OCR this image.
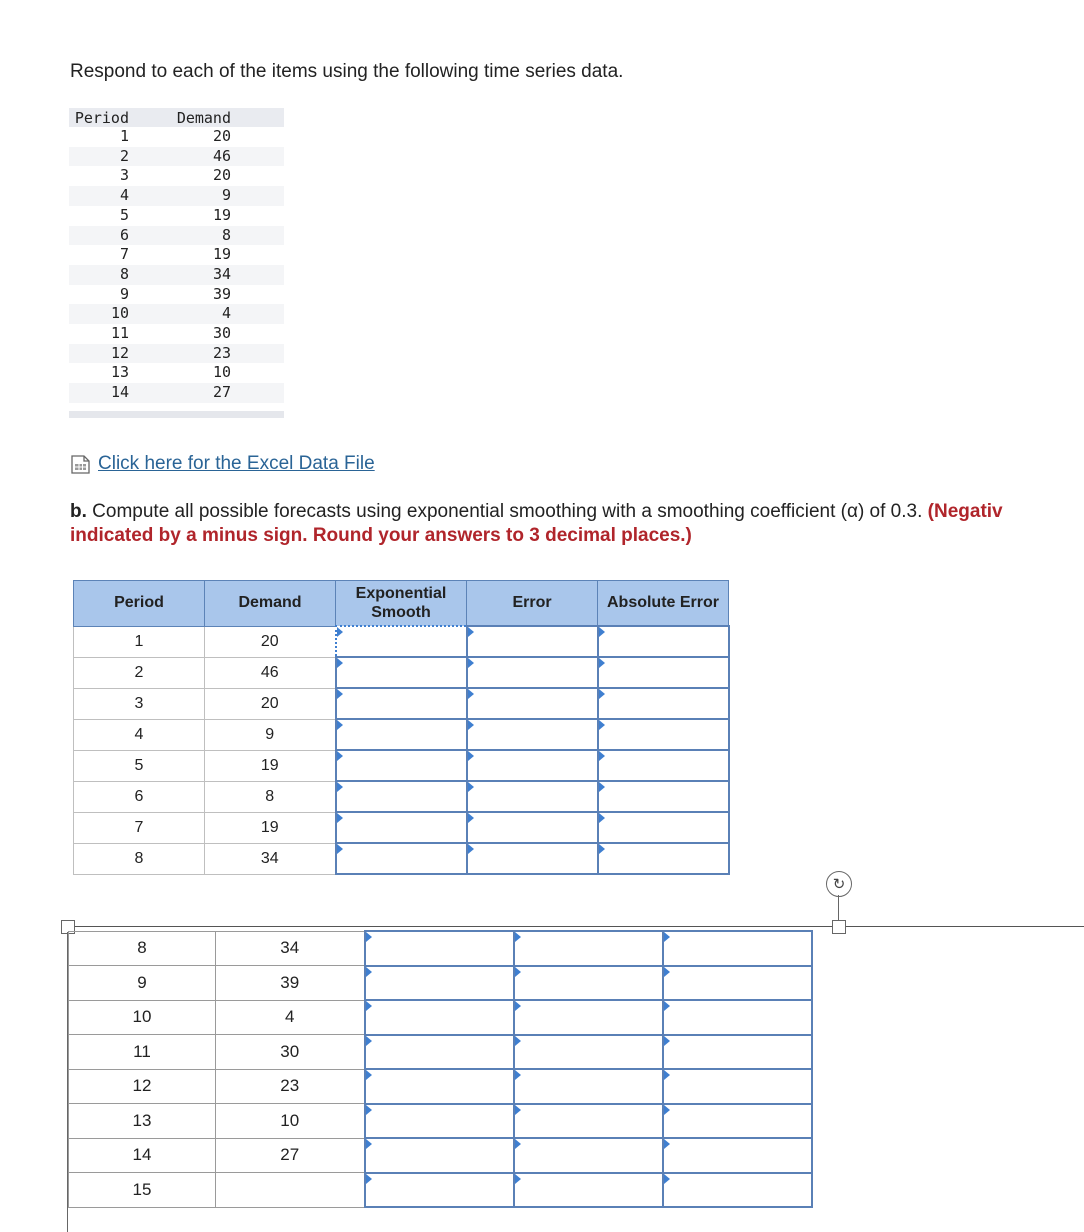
Respond to each of the items using the following time series data.
Period	Demand
1	20
2	46
3	20
4	9
5	19
6	8
7	19
8	34
9	39
10	4
11	30
12	23
13	10
14	27
Click here for the Excel Data File
b. Compute all possible forecasts using exponential smoothing with a smoothing coefficient (α) of 0.3. (Negativ
indicated by a minus sign. Round your answers to 3 decimal places.)
Period	Demand	Exponential Smooth	Error	Absolute Error
1	20			
2	46			
3	20			
4	9			
5	19			
6	8			
7	19			
8	34			
↻
8	34			
9	39			
10	4			
11	30			
12	23			
13	10			
14	27			
15				
